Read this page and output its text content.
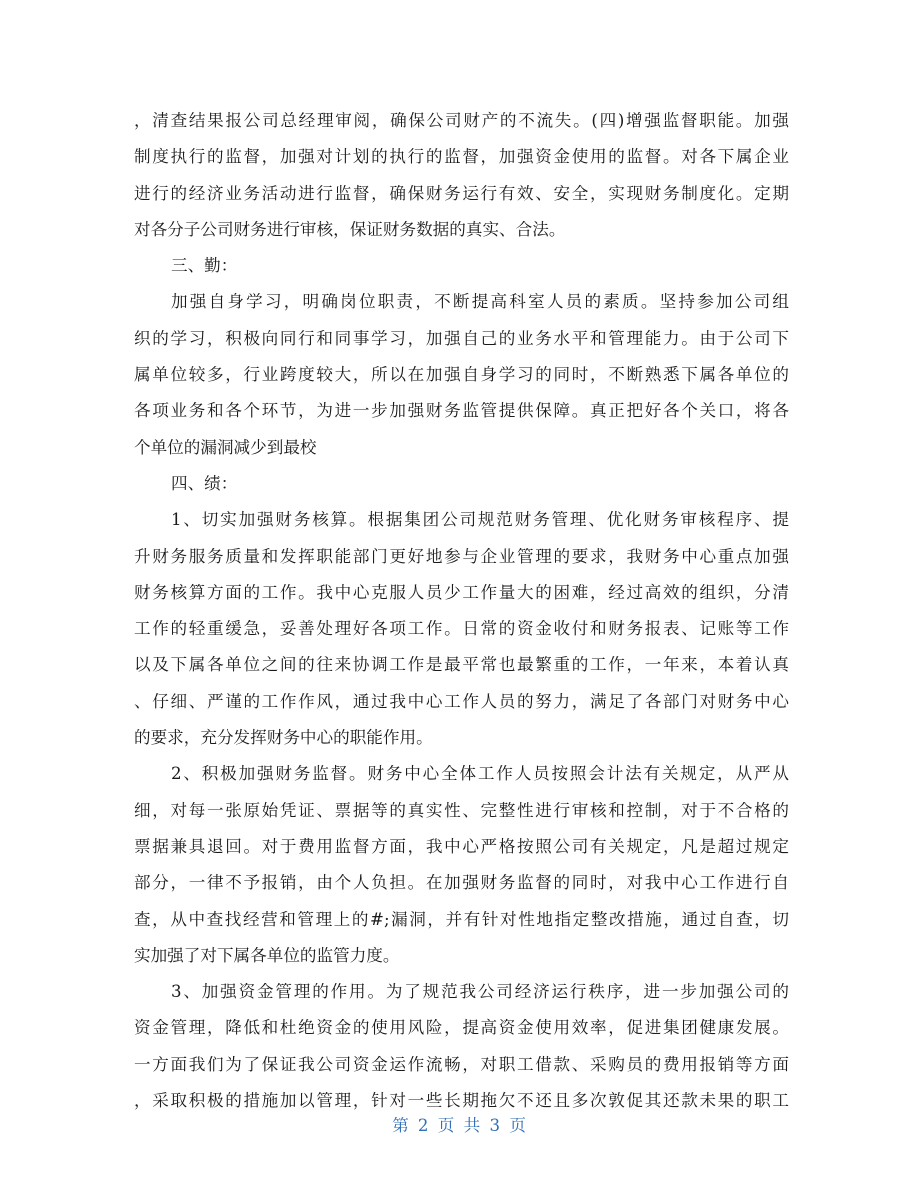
，清查结果报公司总经理审阅，确保公司财产的不流失。(四)增强监督职能。加强
制度执行的监督，加强对计划的执行的监督，加强资金使用的监督。对各下属企业
进行的经济业务活动进行监督，确保财务运行有效、安全，实现财务制度化。定期
对各分子公司财务进行审核，保证财务数据的真实、合法。
三、勤：
加强自身学习，明确岗位职责，不断提高科室人员的素质。坚持参加公司组
织的学习，积极向同行和同事学习，加强自己的业务水平和管理能力。由于公司下
属单位较多，行业跨度较大，所以在加强自身学习的同时，不断熟悉下属各单位的
各项业务和各个环节，为进一步加强财务监管提供保障。真正把好各个关口，将各
个单位的漏洞减少到最校
四、绩：
1、切实加强财务核算。根据集团公司规范财务管理、优化财务审核程序、提
升财务服务质量和发挥职能部门更好地参与企业管理的要求，我财务中心重点加强
财务核算方面的工作。我中心克服人员少工作量大的困难，经过高效的组织，分清
工作的轻重缓急，妥善处理好各项工作。日常的资金收付和财务报表、记账等工作
以及下属各单位之间的往来协调工作是最平常也最繁重的工作，一年来，本着认真
、仔细、严谨的工作作风，通过我中心工作人员的努力，满足了各部门对财务中心
的要求，充分发挥财务中心的职能作用。
2、积极加强财务监督。财务中心全体工作人员按照会计法有关规定，从严从
细，对每一张原始凭证、票据等的真实性、完整性进行审核和控制，对于不合格的
票据兼具退回。对于费用监督方面，我中心严格按照公司有关规定，凡是超过规定
部分，一律不予报销，由个人负担。在加强财务监督的同时，对我中心工作进行自
查，从中查找经营和管理上的#;漏洞，并有针对性地指定整改措施，通过自查，切
实加强了对下属各单位的监管力度。
3、加强资金管理的作用。为了规范我公司经济运行秩序，进一步加强公司的
资金管理，降低和杜绝资金的使用风险，提高资金使用效率，促进集团健康发展。
一方面我们为了保证我公司资金运作流畅，对职工借款、采购员的费用报销等方面
，采取积极的措施加以管理，针对一些长期拖欠不还且多次敦促其还款未果的职工
第 2 页 共 3 页
